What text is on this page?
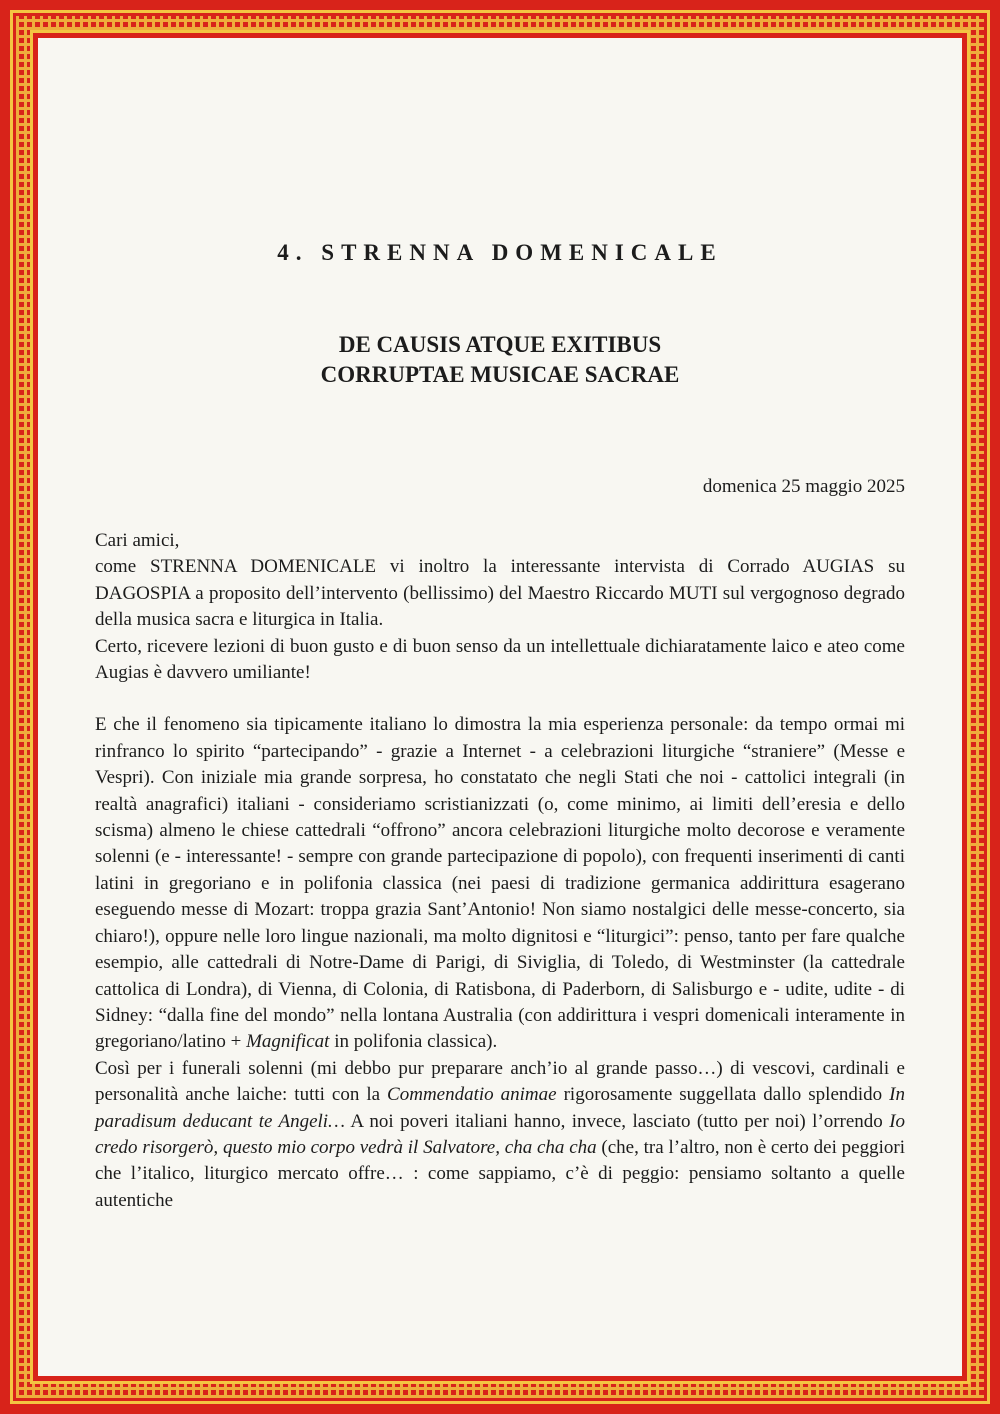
4. STRENNA DOMENICALE
DE CAUSIS ATQUE EXITIBUS
CORRUPTAE MUSICAE SACRAE
domenica 25 maggio 2025

Cari amici,

come STRENNA DOMENICALE vi inoltro la interessante intervista di Corrado AUGIAS su DAGOSPIA a proposito dell’intervento (bellissimo) del Maestro Riccardo MUTI sul vergognoso degrado della musica sacra e liturgica in Italia.

Certo, ricevere lezioni di buon gusto e di buon senso da un intellettuale dichiaratamente laico e ateo come Augias è davvero umiliante!

E che il fenomeno sia tipicamente italiano lo dimostra la mia esperienza personale: da tempo ormai mi rinfranco lo spirito “partecipando” - grazie a Internet - a celebrazioni liturgiche “straniere” (Messe e Vespri). Con iniziale mia grande sorpresa, ho constatato che negli Stati che noi - cattolici integrali (in realtà anagrafici) italiani - consideriamo scristianizzati (o, come minimo, ai limiti dell’eresia e dello scisma) almeno le chiese cattedrali “offrono” ancora celebrazioni liturgiche molto decorose e veramente solenni (e - interessante! - sempre con grande partecipazione di popolo), con frequenti inserimenti di canti latini in gregoriano e in polifonia classica (nei paesi di tradizione germanica addirittura esagerano eseguendo messe di Mozart: troppa grazia Sant’Antonio! Non siamo nostalgici delle messe-concerto, sia chiaro!), oppure nelle loro lingue nazionali, ma molto dignitosi e “liturgici”: penso, tanto per fare qualche esempio, alle cattedrali di Notre-Dame di Parigi, di Siviglia, di Toledo, di Westminster (la cattedrale cattolica di Londra), di Vienna, di Colonia, di Ratisbona, di Paderborn, di Salisburgo e - udite, udite - di Sidney: “dalla fine del mondo” nella lontana Australia (con addirittura i vespri domenicali interamente in gregoriano/latino + Magnificat in polifonia classica).

Così per i funerali solenni (mi debbo pur preparare anch’io al grande passo…) di vescovi, cardinali e personalità anche laiche: tutti con la Commendatio animae rigorosamente suggellata dallo splendido In paradisum deducant te Angeli… A noi poveri italiani hanno, invece, lasciato (tutto per noi) l’orrendo Io credo risorgerò, questo mio corpo vedrà il Salvatore, cha cha cha (che, tra l’altro, non è certo dei peggiori che l’italico, liturgico mercato offre… : come sappiamo, c’è di peggio: pensiamo soltanto a quelle autentiche
